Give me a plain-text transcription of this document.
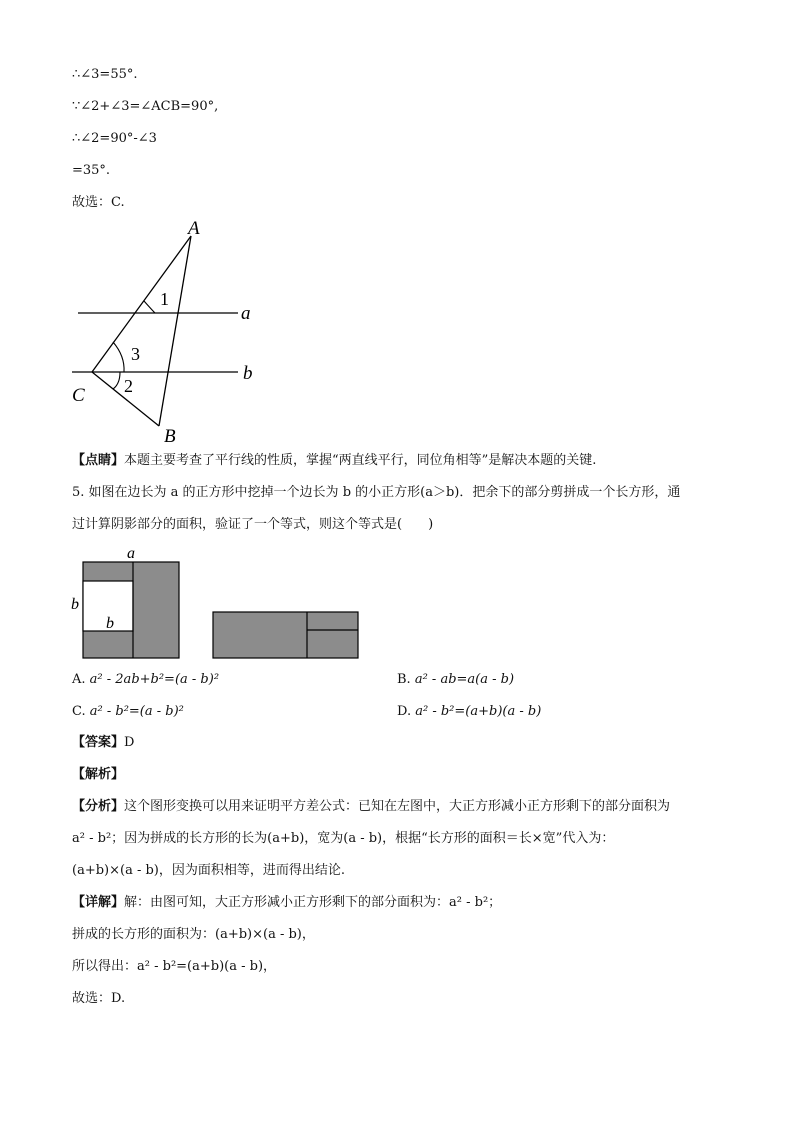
∴∠3=55°.
∵∠2+∠3=∠ACB=90°,
∴∠2=90°-∠3
=35°.
故选：C.
A
a
b
C
B
1
3
2
【点睛】本题主要考查了平行线的性质，掌握“两直线平行，同位角相等”是解决本题的关键.
5. 如图在边长为 a 的正方形中挖掉一个边长为 b 的小正方形(a＞b)．把余下的部分剪拼成一个长方形，通
过计算阴影部分的面积，验证了一个等式，则这个等式是(　　)
a
b
b
A. a² - 2ab+b²=(a - b)²	B. a² - ab=a(a - b)
C. a² - b²=(a - b)²	D. a² - b²=(a+b)(a - b)
【答案】D
【解析】
【分析】这个图形变换可以用来证明平方差公式：已知在左图中，大正方形减小正方形剩下的部分面积为
a² - b²；因为拼成的长方形的长为(a+b)，宽为(a - b)，根据“长方形的面积＝长×宽”代入为：
(a+b)×(a - b)，因为面积相等，进而得出结论.
【详解】解：由图可知，大正方形减小正方形剩下的部分面积为：a² - b²；
拼成的长方形的面积为：(a+b)×(a - b)，
所以得出：a² - b²=(a+b)(a - b)，
故选：D.
